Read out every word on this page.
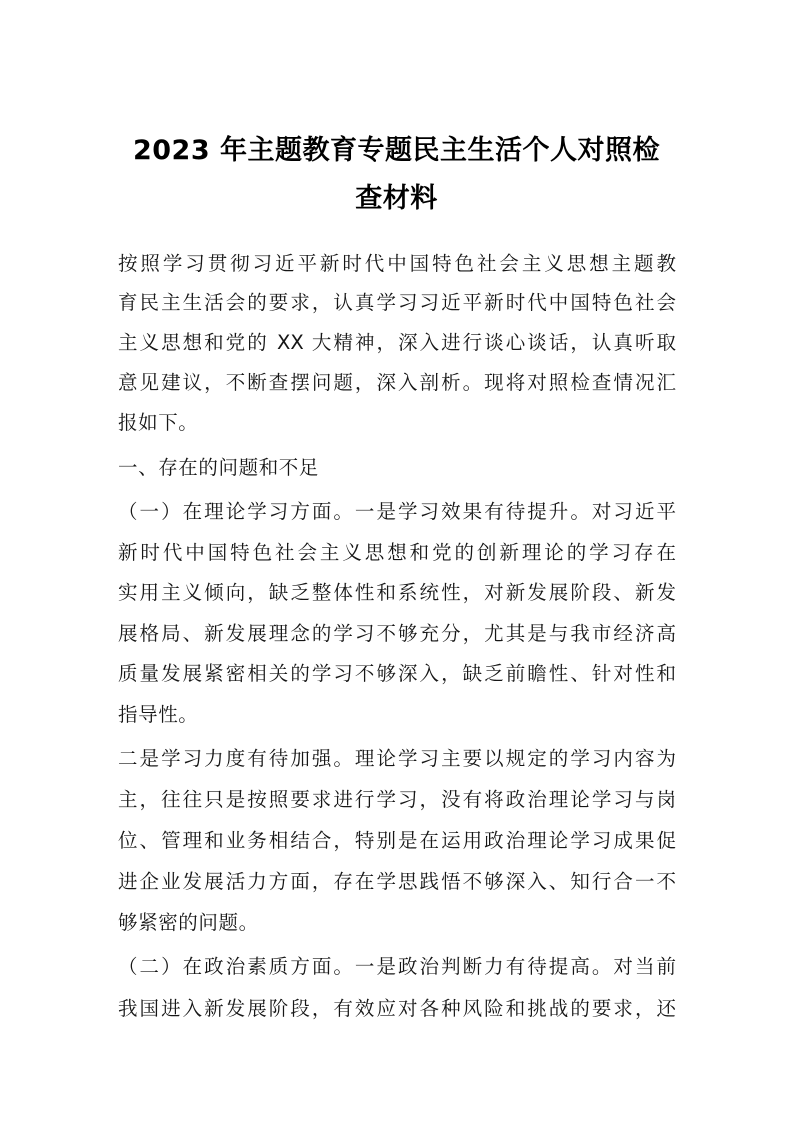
2023 年主题教育专题民主生活个人对照检
查材料
按照学习贯彻习近平新时代中国特色社会主义思想主题教
育民主生活会的要求，认真学习习近平新时代中国特色社会
主义思想和党的 XX 大精神，深入进行谈心谈话，认真听取
意见建议，不断查摆问题，深入剖析。现将对照检查情况汇
报如下。
一、存在的问题和不足
（一）在理论学习方面。一是学习效果有待提升。对习近平
新时代中国特色社会主义思想和党的创新理论的学习存在
实用主义倾向，缺乏整体性和系统性，对新发展阶段、新发
展格局、新发展理念的学习不够充分，尤其是与我市经济高
质量发展紧密相关的学习不够深入，缺乏前瞻性、针对性和
指导性。
二是学习力度有待加强。理论学习主要以规定的学习内容为
主，往往只是按照要求进行学习，没有将政治理论学习与岗
位、管理和业务相结合，特别是在运用政治理论学习成果促
进企业发展活力方面，存在学思践悟不够深入、知行合一不
够紧密的问题。
（二）在政治素质方面。一是政治判断力有待提高。对当前
我国进入新发展阶段，有效应对各种风险和挑战的要求，还
